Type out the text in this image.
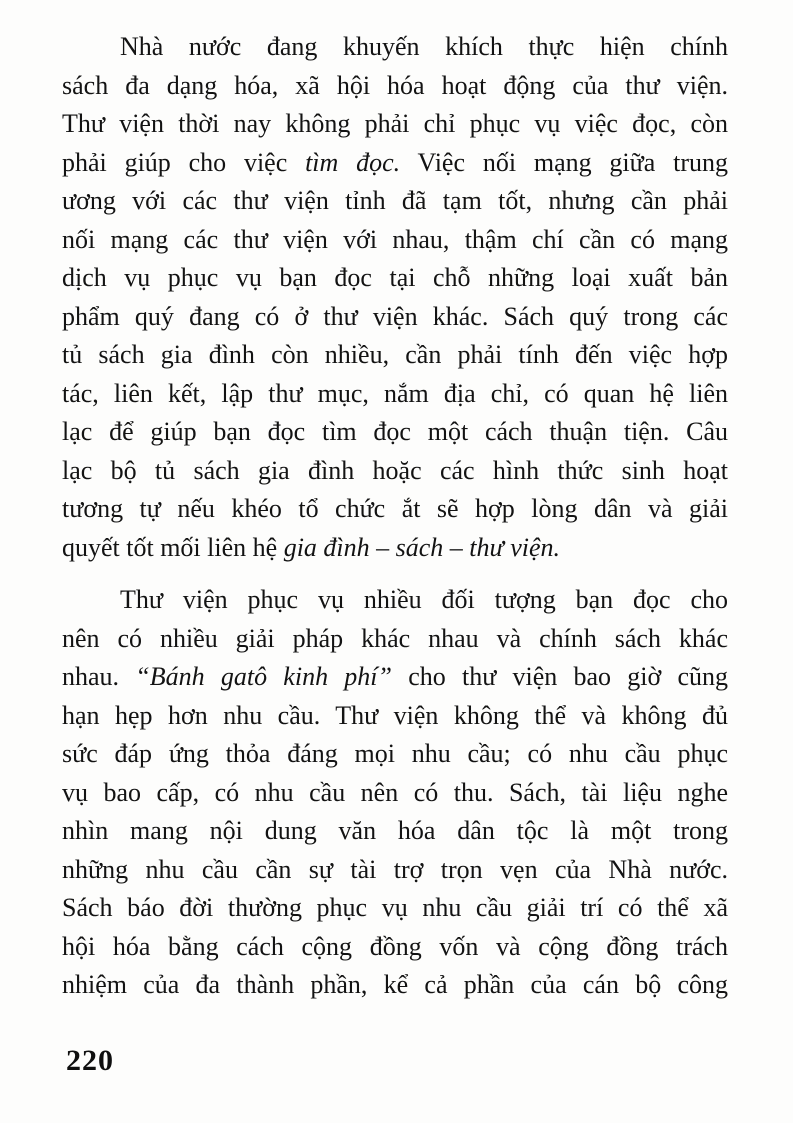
Nhà nước đang khuyến khích thực hiện chính
sách đa dạng hóa, xã hội hóa hoạt động của thư viện.
Thư viện thời nay không phải chỉ phục vụ việc đọc, còn
phải giúp cho việc tìm đọc. Việc nối mạng giữa trung
ương với các thư viện tỉnh đã tạm tốt, nhưng cần phải
nối mạng các thư viện với nhau, thậm chí cần có mạng
dịch vụ phục vụ bạn đọc tại chỗ những loại xuất bản
phẩm quý đang có ở thư viện khác. Sách quý trong các
tủ sách gia đình còn nhiều, cần phải tính đến việc hợp
tác, liên kết, lập thư mục, nắm địa chỉ, có quan hệ liên
lạc để giúp bạn đọc tìm đọc một cách thuận tiện. Câu
lạc bộ tủ sách gia đình hoặc các hình thức sinh hoạt
tương tự nếu khéo tổ chức ắt sẽ hợp lòng dân và giải
quyết tốt mối liên hệ gia đình – sách – thư viện.
Thư viện phục vụ nhiều đối tượng bạn đọc cho
nên có nhiều giải pháp khác nhau và chính sách khác
nhau. “Bánh gatô kinh phí” cho thư viện bao giờ cũng
hạn hẹp hơn nhu cầu. Thư viện không thể và không đủ
sức đáp ứng thỏa đáng mọi nhu cầu; có nhu cầu phục
vụ bao cấp, có nhu cầu nên có thu. Sách, tài liệu nghe
nhìn mang nội dung văn hóa dân tộc là một trong
những nhu cầu cần sự tài trợ trọn vẹn của Nhà nước.
Sách báo đời thường phục vụ nhu cầu giải trí có thể xã
hội hóa bằng cách cộng đồng vốn và cộng đồng trách
nhiệm của đa thành phần, kể cả phần của cán bộ công
220
